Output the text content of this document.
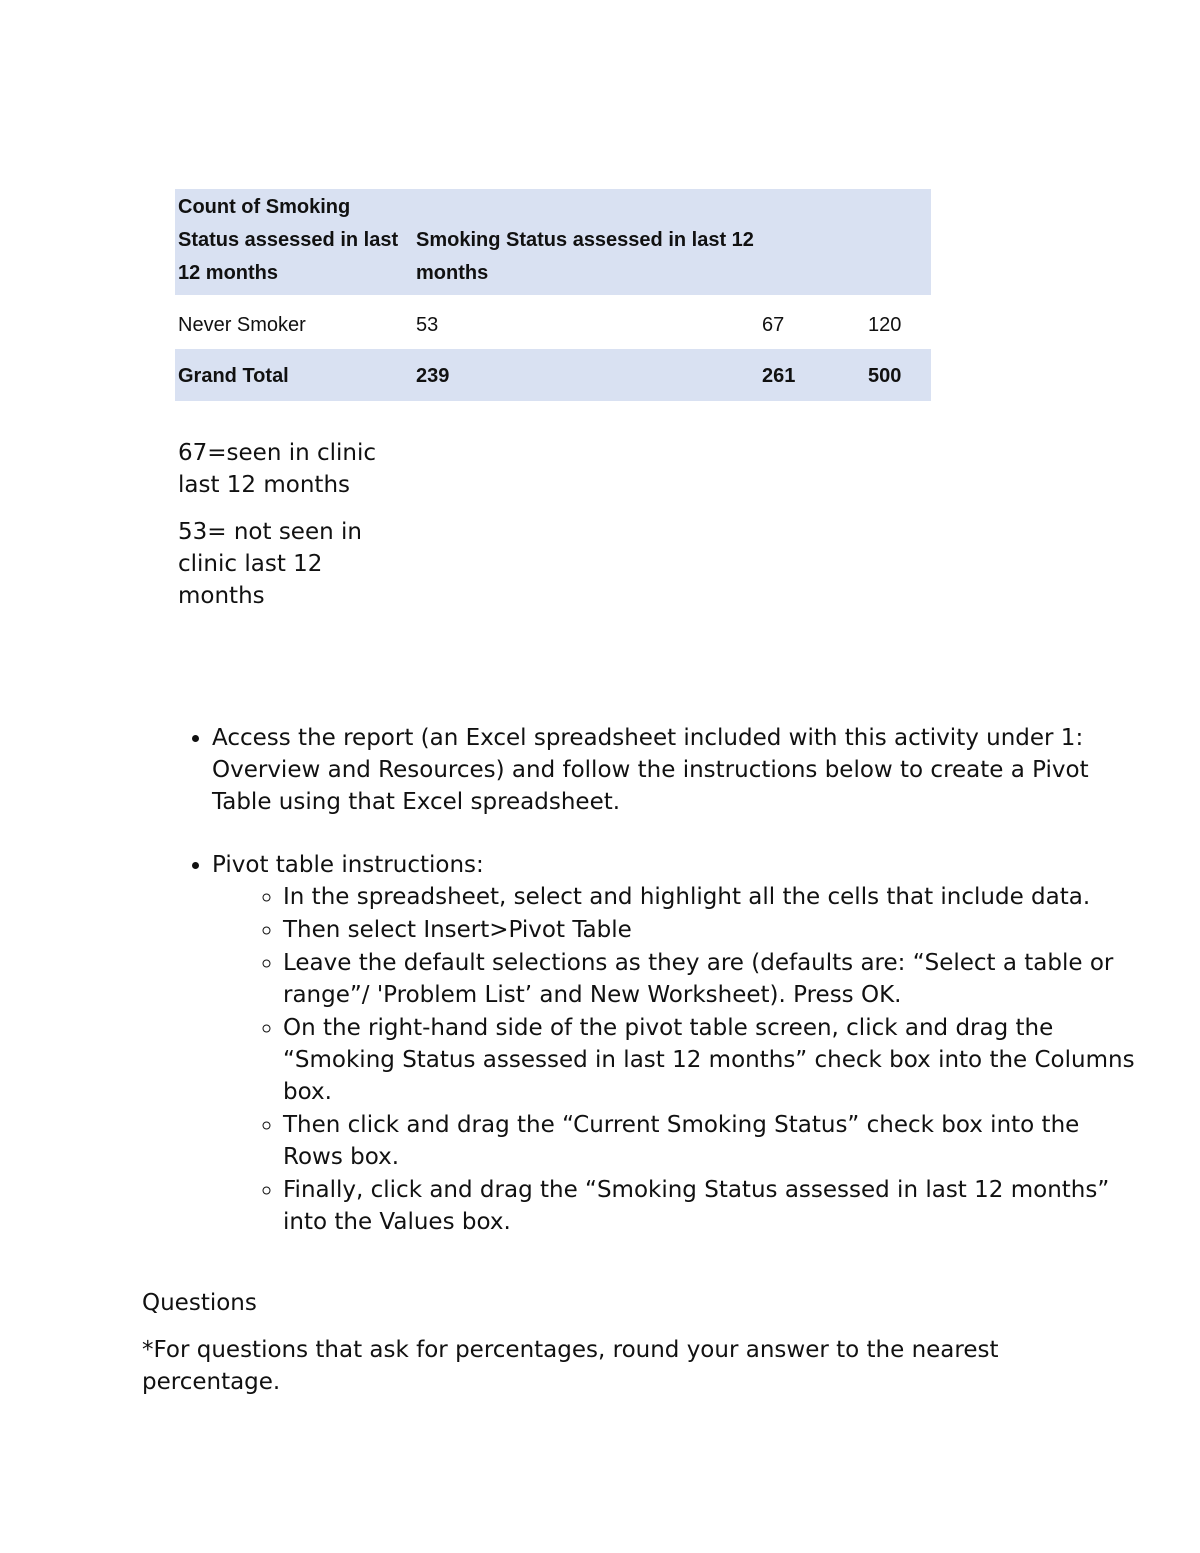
Count of Smoking Status assessed in last 12 months	Smoking Status assessed in last 12 months		
Never Smoker	53	67	120
Grand Total	239	261	500

67=seen in clinic last 12 months

53= not seen in clinic last 12 months

• Access the report (an Excel spreadsheet included with this activity under 1: Overview and Resources) and follow the instructions below to create a Pivot Table using that Excel spreadsheet.
• Pivot table instructions:
◦ In the spreadsheet, select and highlight all the cells that include data.
◦ Then select Insert>Pivot Table
◦ Leave the default selections as they are (defaults are: “Select a table or range”/ 'Problem List’ and New Worksheet). Press OK.
◦ On the right-hand side of the pivot table screen, click and drag the “Smoking Status assessed in last 12 months” check box into the Columns box.
◦ Then click and drag the “Current Smoking Status” check box into the Rows box.
◦ Finally, click and drag the “Smoking Status assessed in last 12 months” into the Values box.

Questions

*For questions that ask for percentages, round your answer to the nearest percentage.
